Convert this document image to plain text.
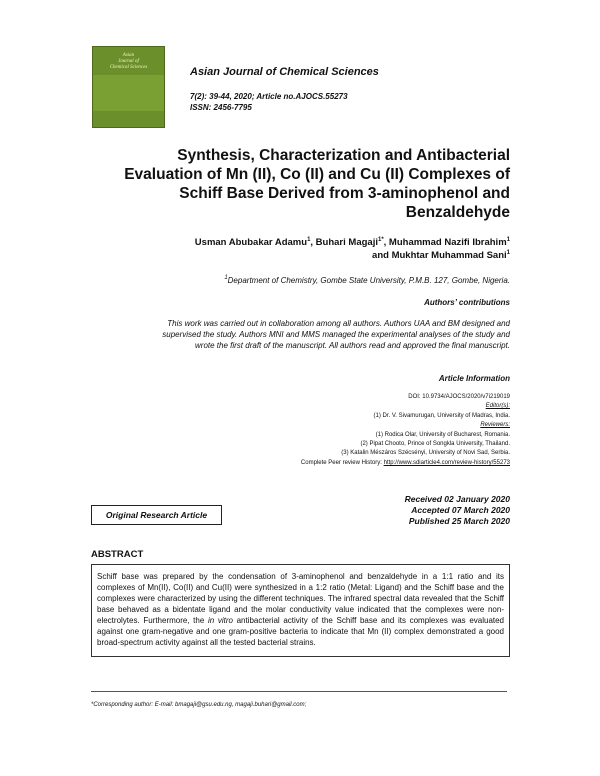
Asian
Journal of
Chemical Sciences	Asian Journal of Chemical Sciences
7(2): 39-44, 2020; Article no.AJOCS.55273
ISSN: 2456-7795
Synthesis, Characterization and Antibacterial
Evaluation of Mn (II), Co (II) and Cu (II) Complexes of
Schiff Base Derived from 3-aminophenol and
Benzaldehyde
Usman Abubakar Adamu$^1$, Buhari Magaji$^{1*}$, Muhammad Nazifi Ibrahim$^1$
and Mukhtar Muhammad Sani$^1$
$^1$Department of Chemistry, Gombe State University, P.M.B. 127, Gombe, Nigeria.
Authors’ contributions
This work was carried out in collaboration among all authors. Authors UAA and BM designed and
supervised the study. Authors MNI and MMS managed the experimental analyses of the study and
wrote the first draft of the manuscript. All authors read and approved the final manuscript.
Article Information
DOI: 10.9734/AJOCS/2020/v7i219019
Editor(s):
(1) Dr. V. Sivamurugan, University of Madras, India.
Reviewers:
(1) Rodica Olar, University of Bucharest, Romania.
(2) Pipat Chooto, Prince of Songkla University, Thailand.
(3) Katalin Mészáros Szécsényi, University of Novi Sad, Serbia.
Complete Peer review History: http://www.sdiarticle4.com/review-history/55273
Received 02 January 2020
Accepted 07 March 2020
Published 25 March 2020
Original Research Article
ABSTRACT
Schiff base was prepared by the condensation of 3-aminophenol and benzaldehyde in a 1:1 ratio and its complexes of Mn(II), Co(II) and Cu(II) were synthesized in a 1:2 ratio (Metal: Ligand) and the Schiff base and the complexes were characterized by using the different techniques. The infrared spectral data revealed that the Schiff base behaved as a bidentate ligand and the molar conductivity value indicated that the complexes were non-electrolytes. Furthermore, the in vitro antibacterial activity of the Schiff base and its complexes was evaluated against one gram-negative and one gram-positive bacteria to indicate that Mn (II) complex demonstrated a good broad-spectrum activity against all the tested bacterial strains.
*Corresponding author: E-mail: bmagaji@gsu.edu.ng, magaji.buhari@gmail.com;
